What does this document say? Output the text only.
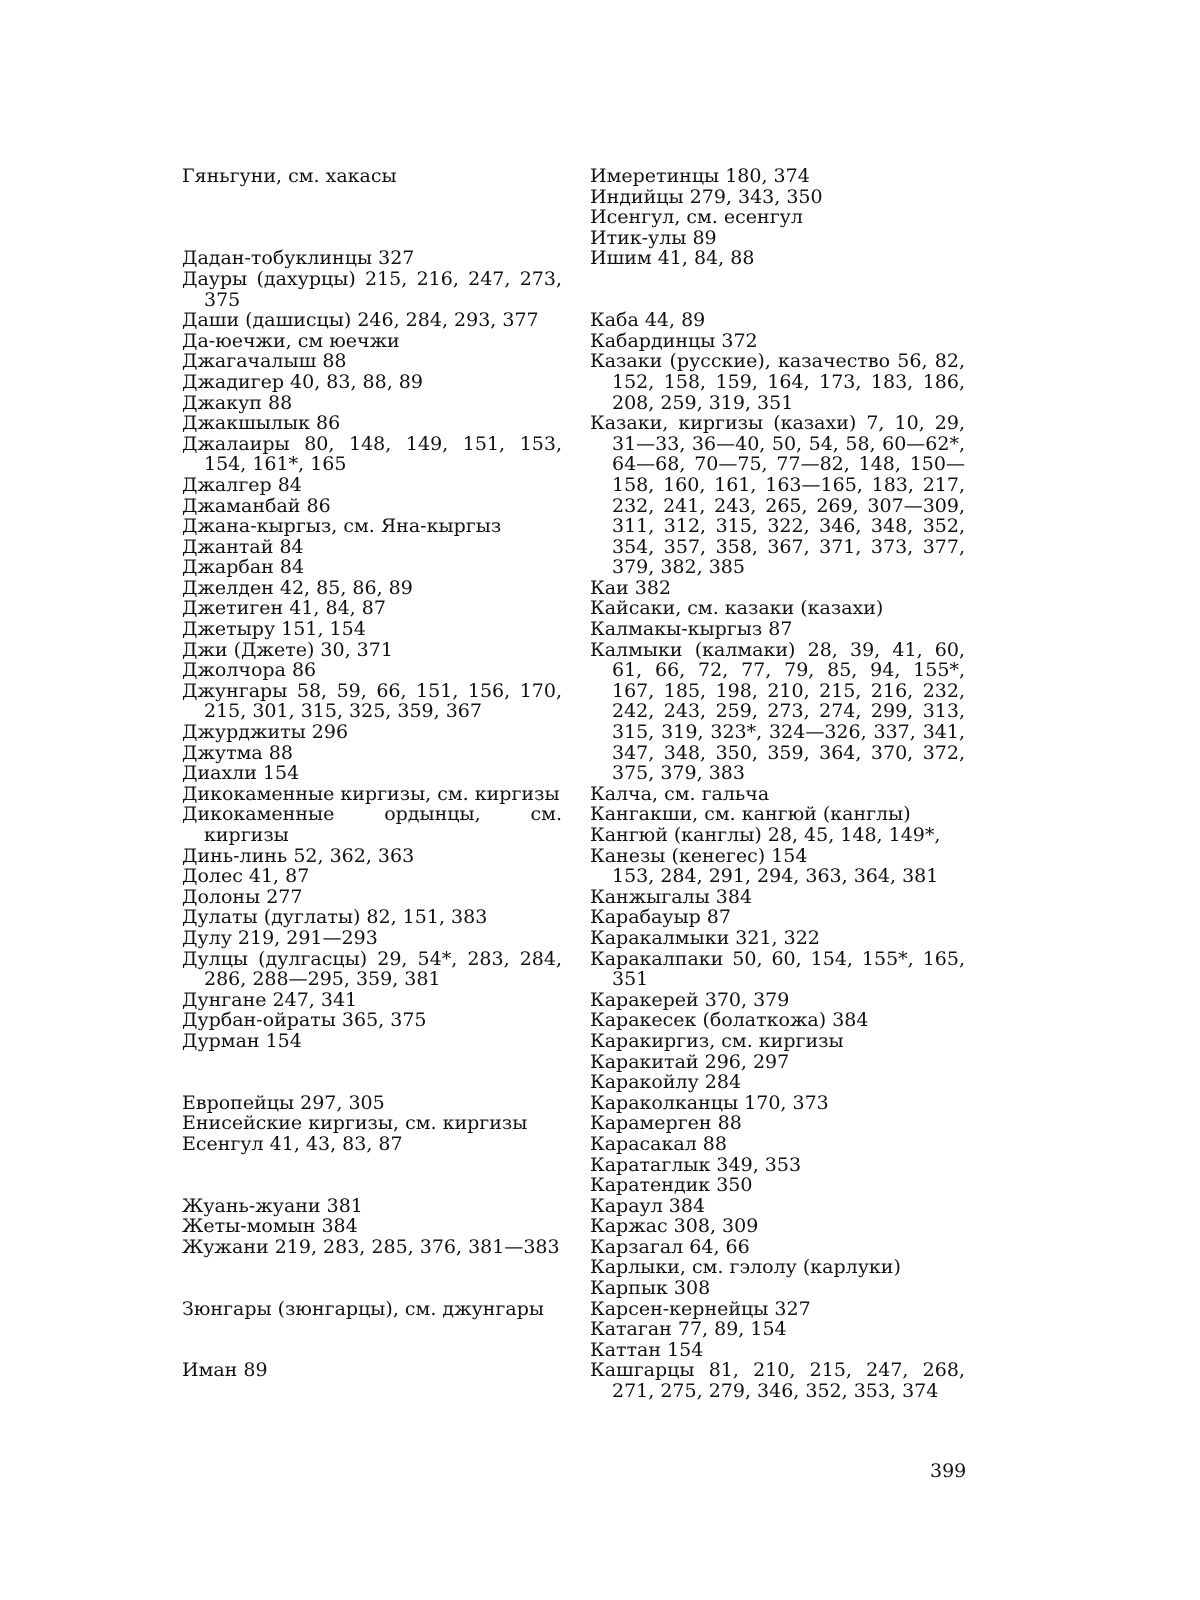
Гяньгуни, см. хакасы
Дадан-тобуклинцы 327
Дауры (дахурцы) 215, 216, 247, 273, 375
Даши (дашисцы) 246, 284, 293, 377
Да-юечжи, см юечжи
Джагачалыш 88
Джадигер 40, 83, 88, 89
Джакуп 88
Джакшылык 86
Джалаиры 80, 148, 149, 151, 153, 154, 161*, 165
Джалгер 84
Джаманбай 86
Джана-кыргыз, см. Яна-кыргыз
Джантай 84
Джарбан 84
Джелден 42, 85, 86, 89
Джетиген 41, 84, 87
Джетыру 151, 154
Джи (Джете) 30, 371
Джолчора 86
Джунгары 58, 59, 66, 151, 156, 170, 215, 301, 315, 325, 359, 367
Джурджиты 296
Джутма 88
Диахли 154
Дикокаменные киргизы, см. киргизы
Дикокаменные ордынцы, см. киргизы
Динь-линь 52, 362, 363
Долес 41, 87
Долоны 277
Дулаты (дуглаты) 82, 151, 383
Дулу 219, 291—293
Дулцы (дулгасцы) 29, 54*, 283, 284, 286, 288—295, 359, 381
Дунгане 247, 341
Дурбан-ойраты 365, 375
Дурман 154
Европейцы 297, 305
Енисейские киргизы, см. киргизы
Есенгул 41, 43, 83, 87
Жуань-жуани 381
Жеты-момын 384
Жужани 219, 283, 285, 376, 381—383
Зюнгары (зюнгарцы), см. джунгары
Иман 89
Имеретинцы 180, 374
Индийцы 279, 343, 350
Исенгул, см. есенгул
Итик-улы 89
Ишим 41, 84, 88
Каба 44, 89
Кабардинцы 372
Казаки (русские), казачество 56, 82, 152, 158, 159, 164, 173, 183, 186, 208, 259, 319, 351
Казаки, киргизы (казахи) 7, 10, 29, 31—33, 36—40, 50, 54, 58, 60—62*, 64—68, 70—75, 77—82, 148, 150—158, 160, 161, 163—165, 183, 217, 232, 241, 243, 265, 269, 307—309, 311, 312, 315, 322, 346, 348, 352, 354, 357, 358, 367, 371, 373, 377, 379, 382, 385
Каи 382
Кайсаки, см. казаки (казахи)
Калмакы-кыргыз 87
Калмыки (калмаки) 28, 39, 41, 60, 61, 66, 72, 77, 79, 85, 94, 155*, 167, 185, 198, 210, 215, 216, 232, 242, 243, 259, 273, 274, 299, 313, 315, 319, 323*, 324—326, 337, 341, 347, 348, 350, 359, 364, 370, 372, 375, 379, 383
Калча, см. гальча
Кангакши, см. кангюй (канглы)
Кангюй (канглы) 28, 45, 148, 149*,
Канезы (кенегес) 154
153, 284, 291, 294, 363, 364, 381
Канжыгалы 384
Карабауыр 87
Каракалмыки 321, 322
Каракалпаки 50, 60, 154, 155*, 165, 351
Каракерей 370, 379
Каракесек (болаткожа) 384
Каракиргиз, см. киргизы
Каракитай 296, 297
Каракойлу 284
Караколканцы 170, 373
Карамерген 88
Карасакал 88
Каратаглык 349, 353
Каратендик 350
Караул 384
Каржас 308, 309
Карзагал 64, 66
Карлыки, см. гэлолу (карлуки)
Карпык 308
Карсен-кернейцы 327
Катаган 77, 89, 154
Каттан 154
Кашгарцы 81, 210, 215, 247, 268, 271, 275, 279, 346, 352, 353, 374
399
